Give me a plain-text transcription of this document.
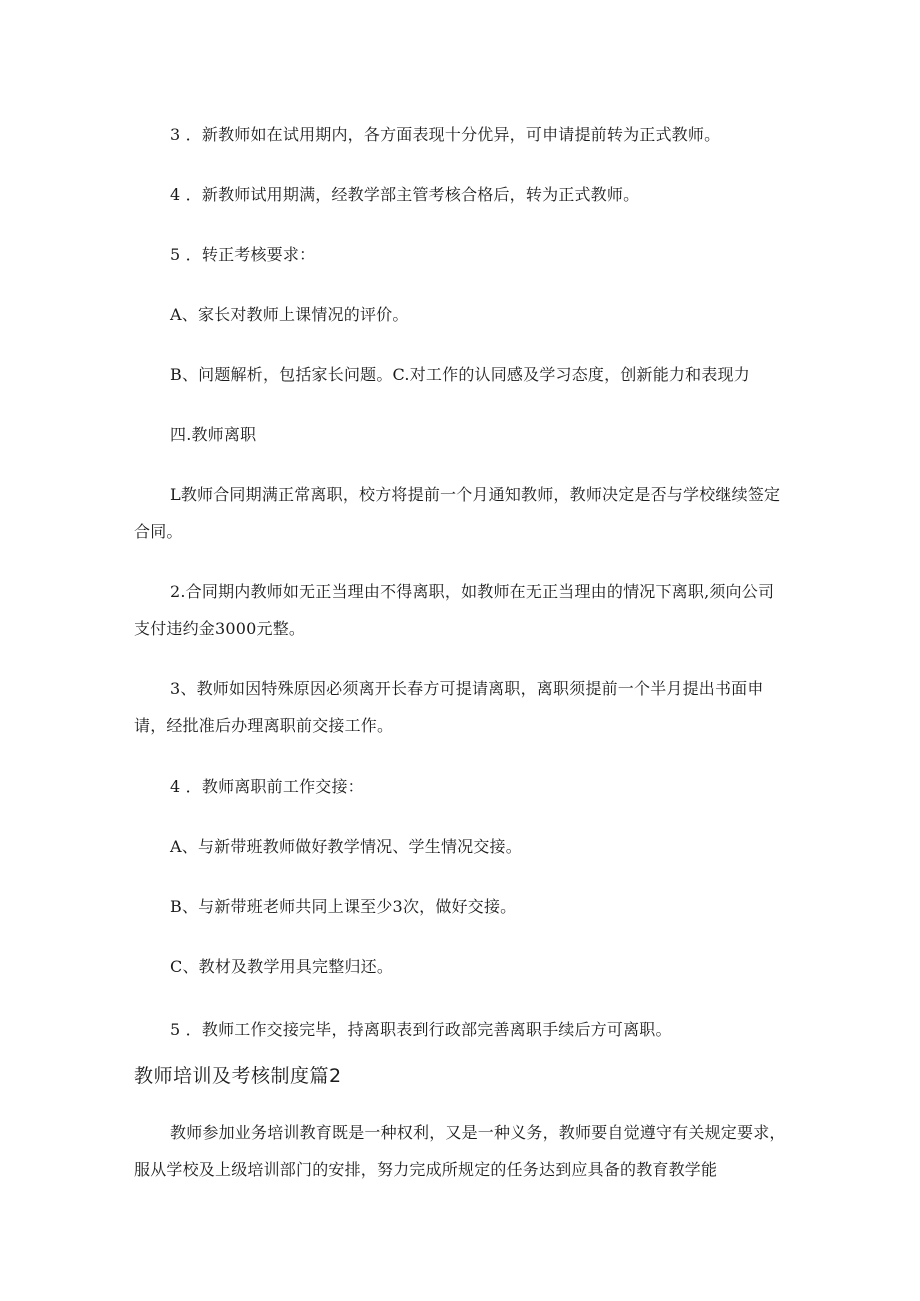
3 ．新教师如在试用期内，各方面表现十分优异，可申请提前转为正式教师。
4 ．新教师试用期满，经教学部主管考核合格后，转为正式教师。
5 ．转正考核要求：
A、家长对教师上课情况的评价。
B、问题解析，包括家长问题。C.对工作的认同感及学习态度，创新能力和表现力
四.教师离职
L教师合同期满正常离职，校方将提前一个月通知教师，教师决定是否与学校继续签定合同。
2.合同期内教师如无正当理由不得离职，如教师在无正当理由的情况下离职,须向公司支付违约金3000元整。
3、教师如因特殊原因必须离开长春方可提请离职，离职须提前一个半月提出书面申请，经批准后办理离职前交接工作。
4 ．教师离职前工作交接：
A、与新带班教师做好教学情况、学生情况交接。
B、与新带班老师共同上课至少3次，做好交接。
C、教材及教学用具完整归还。
5 ．教师工作交接完毕，持离职表到行政部完善离职手续后方可离职。
教师培训及考核制度篇2
教师参加业务培训教育既是一种权利，又是一种义务，教师要自觉遵守有关规定要求，服从学校及上级培训部门的安排，努力完成所规定的任务达到应具备的教育教学能
